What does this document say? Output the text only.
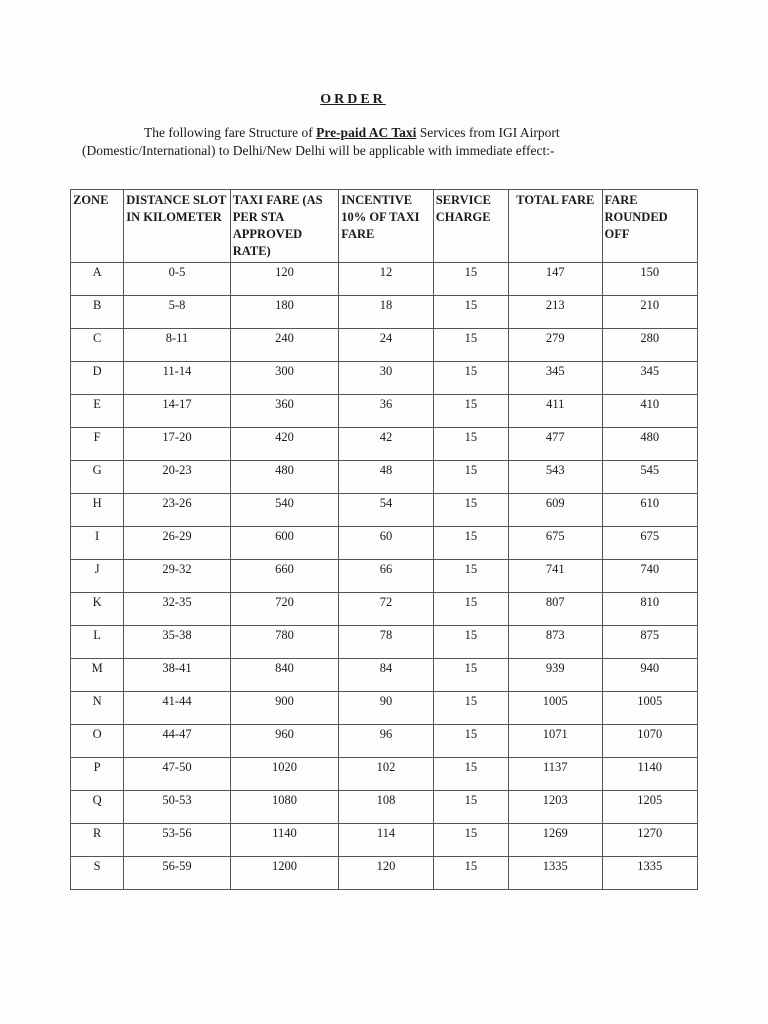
ORDER
The following fare Structure of Pre-paid AC Taxi Services from IGI Airport
(Domestic/International) to Delhi/New Delhi will be applicable with immediate effect:-
ZONE	DISTANCE SLOT IN KILOMETER	TAXI FARE (AS PER STA APPROVED RATE)	INCENTIVE 10% OF TAXI FARE	SERVICE CHARGE	TOTAL FARE	FARE ROUNDED OFF
A	0-5	120	12	15	147	150
B	5-8	180	18	15	213	210
C	8-11	240	24	15	279	280
D	11-14	300	30	15	345	345
E	14-17	360	36	15	411	410
F	17-20	420	42	15	477	480
G	20-23	480	48	15	543	545
H	23-26	540	54	15	609	610
I	26-29	600	60	15	675	675
J	29-32	660	66	15	741	740
K	32-35	720	72	15	807	810
L	35-38	780	78	15	873	875
M	38-41	840	84	15	939	940
N	41-44	900	90	15	1005	1005
O	44-47	960	96	15	1071	1070
P	47-50	1020	102	15	1137	1140
Q	50-53	1080	108	15	1203	1205
R	53-56	1140	114	15	1269	1270
S	56-59	1200	120	15	1335	1335
